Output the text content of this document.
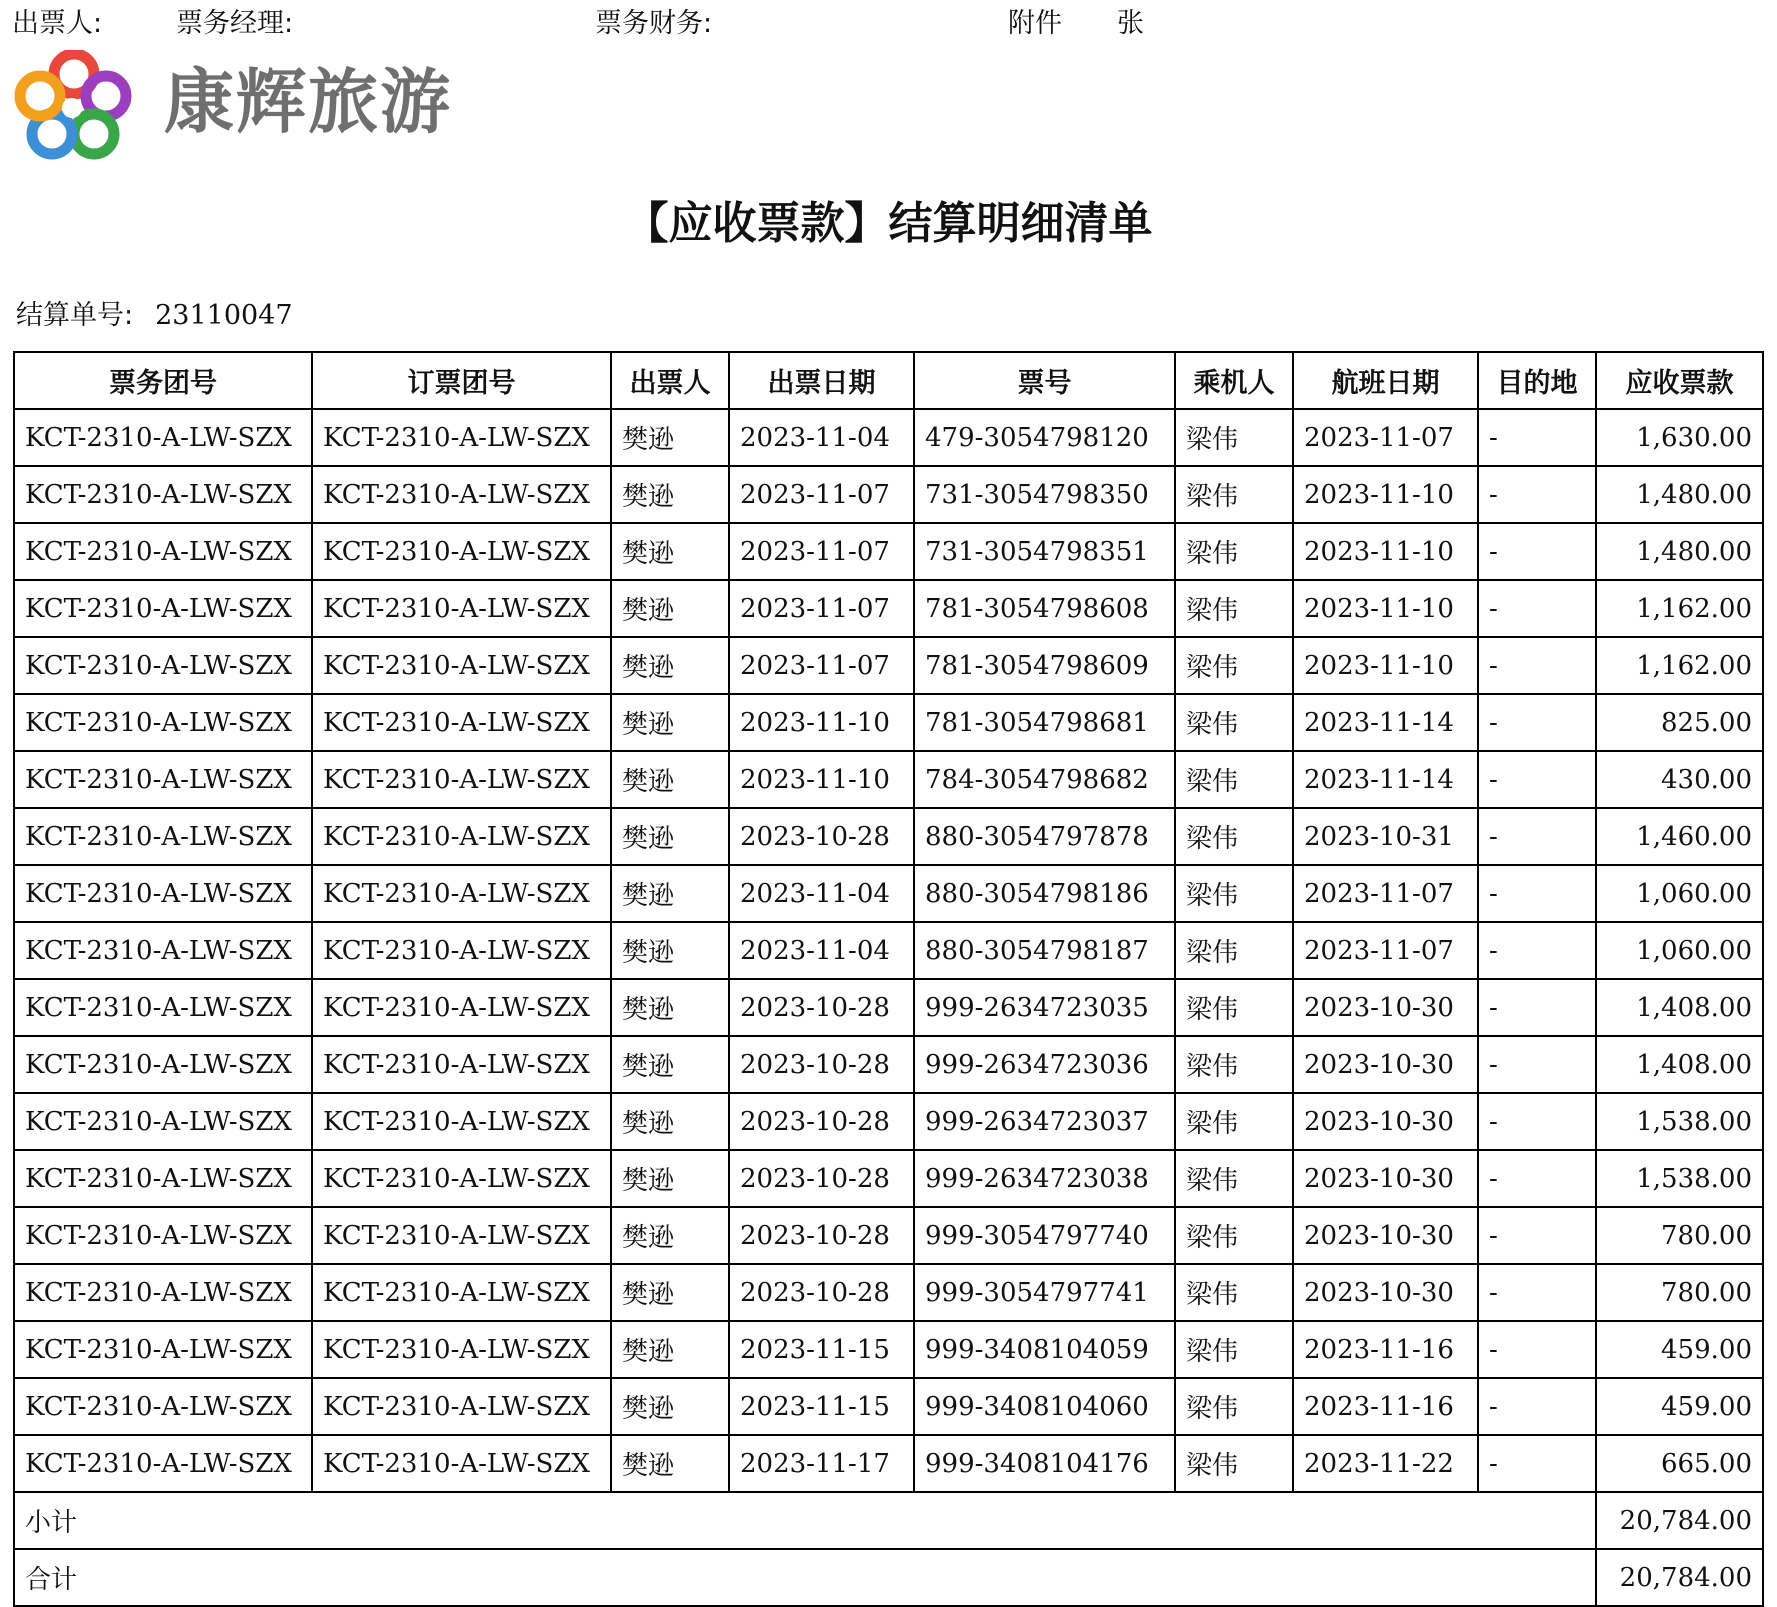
出票人:	票务经理:	票务财务:	附件 张
康辉旅游
【应收票款】结算明细清单
结算单号: 23110047
票务团号	订票团号	出票人	出票日期	票号	乘机人	航班日期	目的地	应收票款
KCT-2310-A-LW-SZX	KCT-2310-A-LW-SZX	樊逊	2023-11-04	479-3054798120	梁伟	2023-11-07	-	1,630.00
KCT-2310-A-LW-SZX	KCT-2310-A-LW-SZX	樊逊	2023-11-07	731-3054798350	梁伟	2023-11-10	-	1,480.00
KCT-2310-A-LW-SZX	KCT-2310-A-LW-SZX	樊逊	2023-11-07	731-3054798351	梁伟	2023-11-10	-	1,480.00
KCT-2310-A-LW-SZX	KCT-2310-A-LW-SZX	樊逊	2023-11-07	781-3054798608	梁伟	2023-11-10	-	1,162.00
KCT-2310-A-LW-SZX	KCT-2310-A-LW-SZX	樊逊	2023-11-07	781-3054798609	梁伟	2023-11-10	-	1,162.00
KCT-2310-A-LW-SZX	KCT-2310-A-LW-SZX	樊逊	2023-11-10	781-3054798681	梁伟	2023-11-14	-	825.00
KCT-2310-A-LW-SZX	KCT-2310-A-LW-SZX	樊逊	2023-11-10	784-3054798682	梁伟	2023-11-14	-	430.00
KCT-2310-A-LW-SZX	KCT-2310-A-LW-SZX	樊逊	2023-10-28	880-3054797878	梁伟	2023-10-31	-	1,460.00
KCT-2310-A-LW-SZX	KCT-2310-A-LW-SZX	樊逊	2023-11-04	880-3054798186	梁伟	2023-11-07	-	1,060.00
KCT-2310-A-LW-SZX	KCT-2310-A-LW-SZX	樊逊	2023-11-04	880-3054798187	梁伟	2023-11-07	-	1,060.00
KCT-2310-A-LW-SZX	KCT-2310-A-LW-SZX	樊逊	2023-10-28	999-2634723035	梁伟	2023-10-30	-	1,408.00
KCT-2310-A-LW-SZX	KCT-2310-A-LW-SZX	樊逊	2023-10-28	999-2634723036	梁伟	2023-10-30	-	1,408.00
KCT-2310-A-LW-SZX	KCT-2310-A-LW-SZX	樊逊	2023-10-28	999-2634723037	梁伟	2023-10-30	-	1,538.00
KCT-2310-A-LW-SZX	KCT-2310-A-LW-SZX	樊逊	2023-10-28	999-2634723038	梁伟	2023-10-30	-	1,538.00
KCT-2310-A-LW-SZX	KCT-2310-A-LW-SZX	樊逊	2023-10-28	999-3054797740	梁伟	2023-10-30	-	780.00
KCT-2310-A-LW-SZX	KCT-2310-A-LW-SZX	樊逊	2023-10-28	999-3054797741	梁伟	2023-10-30	-	780.00
KCT-2310-A-LW-SZX	KCT-2310-A-LW-SZX	樊逊	2023-11-15	999-3408104059	梁伟	2023-11-16	-	459.00
KCT-2310-A-LW-SZX	KCT-2310-A-LW-SZX	樊逊	2023-11-15	999-3408104060	梁伟	2023-11-16	-	459.00
KCT-2310-A-LW-SZX	KCT-2310-A-LW-SZX	樊逊	2023-11-17	999-3408104176	梁伟	2023-11-22	-	665.00
小计								20,784.00
合计								20,784.00
